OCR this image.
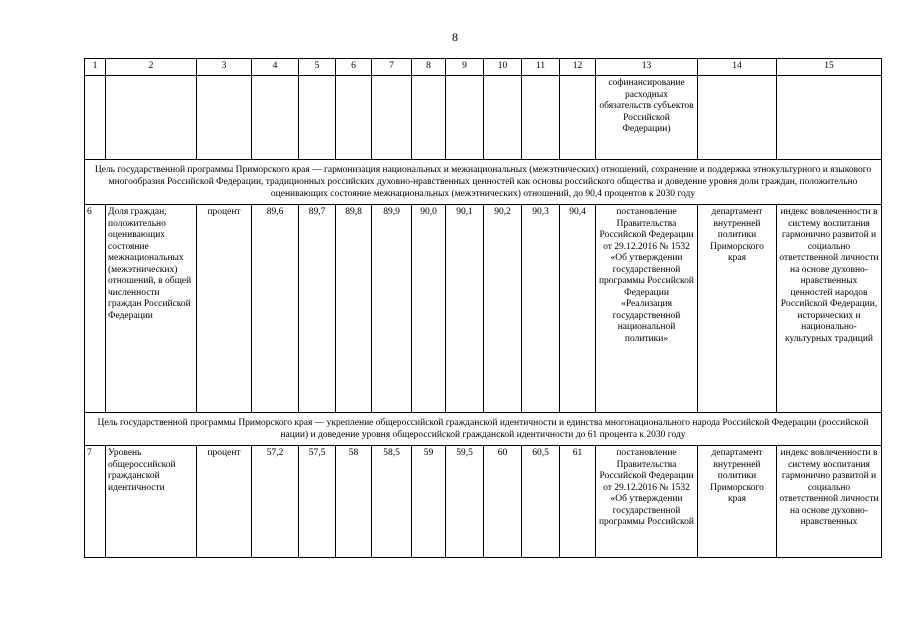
8
1	2	3	4	5	6	7	8	9	10	11	12	13	14	15
												софинансирование расходных обязательств субъектов Российской Федерации)		
Цель государственной программы Приморского края — гармонизация национальных и межнациональных (межэтнических) отношений, сохранение и поддержка этнокультурного и языкового многообразия Российской Федерации, традиционных российских духовно-нравственных ценностей как основы российского общества и доведение уровня доли граждан, положительно оценивающих состояние межнациональных (межэтнических) отношений, до 90,4 процентов к 2030 году														
6	Доля граждан, положительно оценивающих состояние межнациональных (межэтнических) отношений, в общей численности граждан Российской Федерации	процент	89,6	89,7	89,8	89,9	90,0	90,1	90,2	90,3	90,4	постановление Правительства Российской Федерации от 29.12.2016 № 1532 «Об утверждении государственной программы Российской Федерации «Реализация государственной национальной политики»	департамент внутренней политики Приморского края	индекс вовлеченности в систему воспитания гармонично развитой и социально ответственной личности на основе духовно-нравственных ценностей народов Российской Федерации, исторических и национально-культурных традиций
Цель государственной программы Приморского края — укрепление общероссийской гражданской идентичности и единства многонационального народа Российской Федерации (российской нации) и доведение уровня общероссийской гражданской идентичности до 61 процента к 2030 году														
7	Уровень общероссийской гражданской идентичности	процент	57,2	57,5	58	58,5	59	59,5	60	60,5	61	постановление Правительства Российской Федерации от 29.12.2016 № 1532 «Об утверждении государственной программы Российской	департамент внутренней политики Приморского края	индекс вовлеченности в систему воспитания гармонично развитой и социально ответственной личности на основе духовно-нравственных
